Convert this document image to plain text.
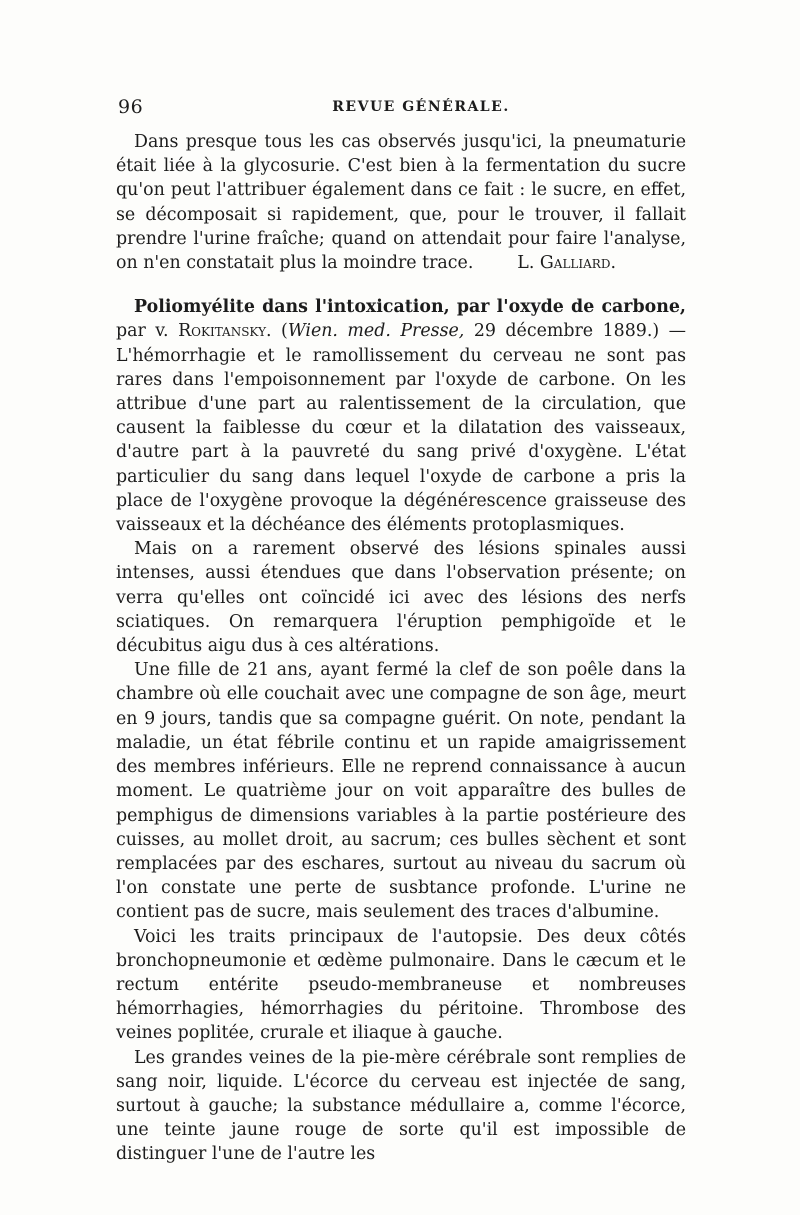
96	REVUE GÉNÉRALE.

Dans presque tous les cas observés jusqu'ici, la pneumaturie était liée à la glycosurie. C'est bien à la fermentation du sucre qu'on peut l'attribuer également dans ce fait : le sucre, en effet, se décomposait si rapidement, que, pour le trouver, il fallait prendre l'urine fraîche; quand on attendait pour faire l'analyse, on n'en constatait plus la moindre trace.	L. Galliard.

Poliomyélite dans l'intoxication, par l'oxyde de carbone, par v. Rokitansky. (Wien. med. Presse, 29 décembre 1889.) — L'hémorrhagie et le ramollissement du cerveau ne sont pas rares dans l'empoisonnement par l'oxyde de carbone. On les attribue d'une part au ralentissement de la circulation, que causent la faiblesse du cœur et la dilatation des vaisseaux, d'autre part à la pauvreté du sang privé d'oxygène. L'état particulier du sang dans lequel l'oxyde de carbone a pris la place de l'oxygène provoque la dégénérescence graisseuse des vaisseaux et la déchéance des éléments protoplasmiques.

Mais on a rarement observé des lésions spinales aussi intenses, aussi étendues que dans l'observation présente; on verra qu'elles ont coïncidé ici avec des lésions des nerfs sciatiques. On remarquera l'éruption pemphigoïde et le décubitus aigu dus à ces altérations.

Une fille de 21 ans, ayant fermé la clef de son poêle dans la chambre où elle couchait avec une compagne de son âge, meurt en 9 jours, tandis que sa compagne guérit. On note, pendant la maladie, un état fébrile continu et un rapide amaigrissement des membres inférieurs. Elle ne reprend connaissance à aucun moment. Le quatrième jour on voit apparaître des bulles de pemphigus de dimensions variables à la partie postérieure des cuisses, au mollet droit, au sacrum; ces bulles sèchent et sont remplacées par des eschares, surtout au niveau du sacrum où l'on constate une perte de susbtance profonde. L'urine ne contient pas de sucre, mais seulement des traces d'albumine.

Voici les traits principaux de l'autopsie. Des deux côtés bronchopneumonie et œdème pulmonaire. Dans le cæcum et le rectum entérite pseudo-membraneuse et nombreuses hémorrhagies, hémorrhagies du péritoine. Thrombose des veines poplitée, crurale et iliaque à gauche.

Les grandes veines de la pie-mère cérébrale sont remplies de sang noir, liquide. L'écorce du cerveau est injectée de sang, surtout à gauche; la substance médullaire a, comme l'écorce, une teinte jaune rouge de sorte qu'il est impossible de distinguer l'une de l'autre les
